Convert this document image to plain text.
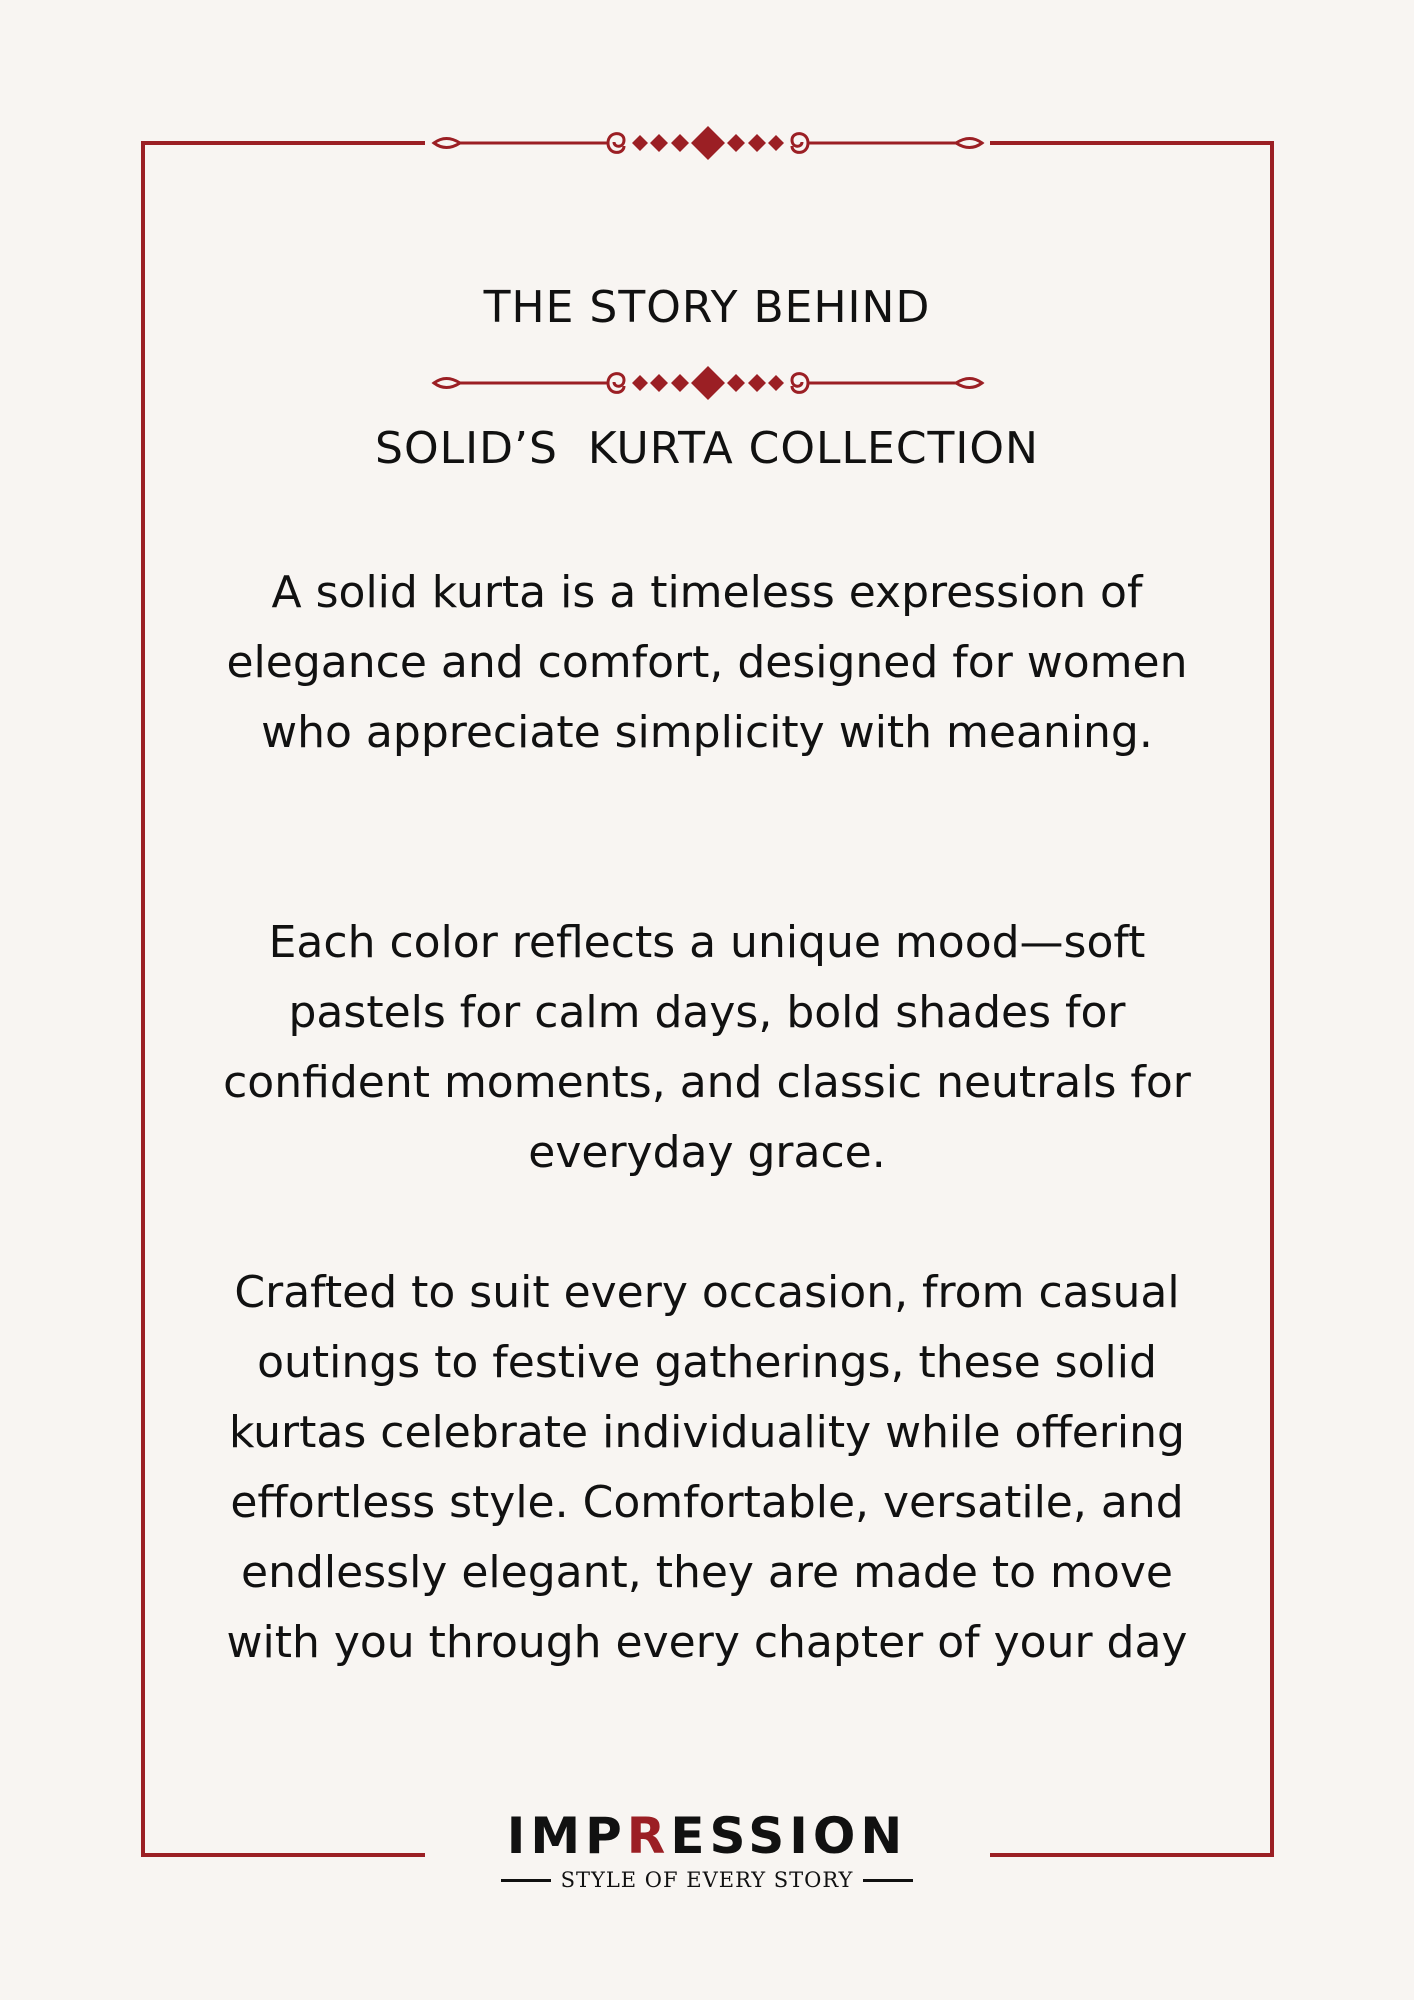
THE STORY BEHIND
SOLID’S  KURTA COLLECTION

A solid kurta is a timeless expression of elegance and comfort, designed for women who appreciate simplicity with meaning.

Each color reflects a unique mood—soft pastels for calm days, bold shades for confident moments, and classic neutrals for everyday grace.

Crafted to suit every occasion, from casual outings to festive gatherings, these solid kurtas celebrate individuality while offering effortless style. Comfortable, versatile, and endlessly elegant, they are made to move with you through every chapter of your day

IMPRESSION
STYLE OF EVERY STORY
